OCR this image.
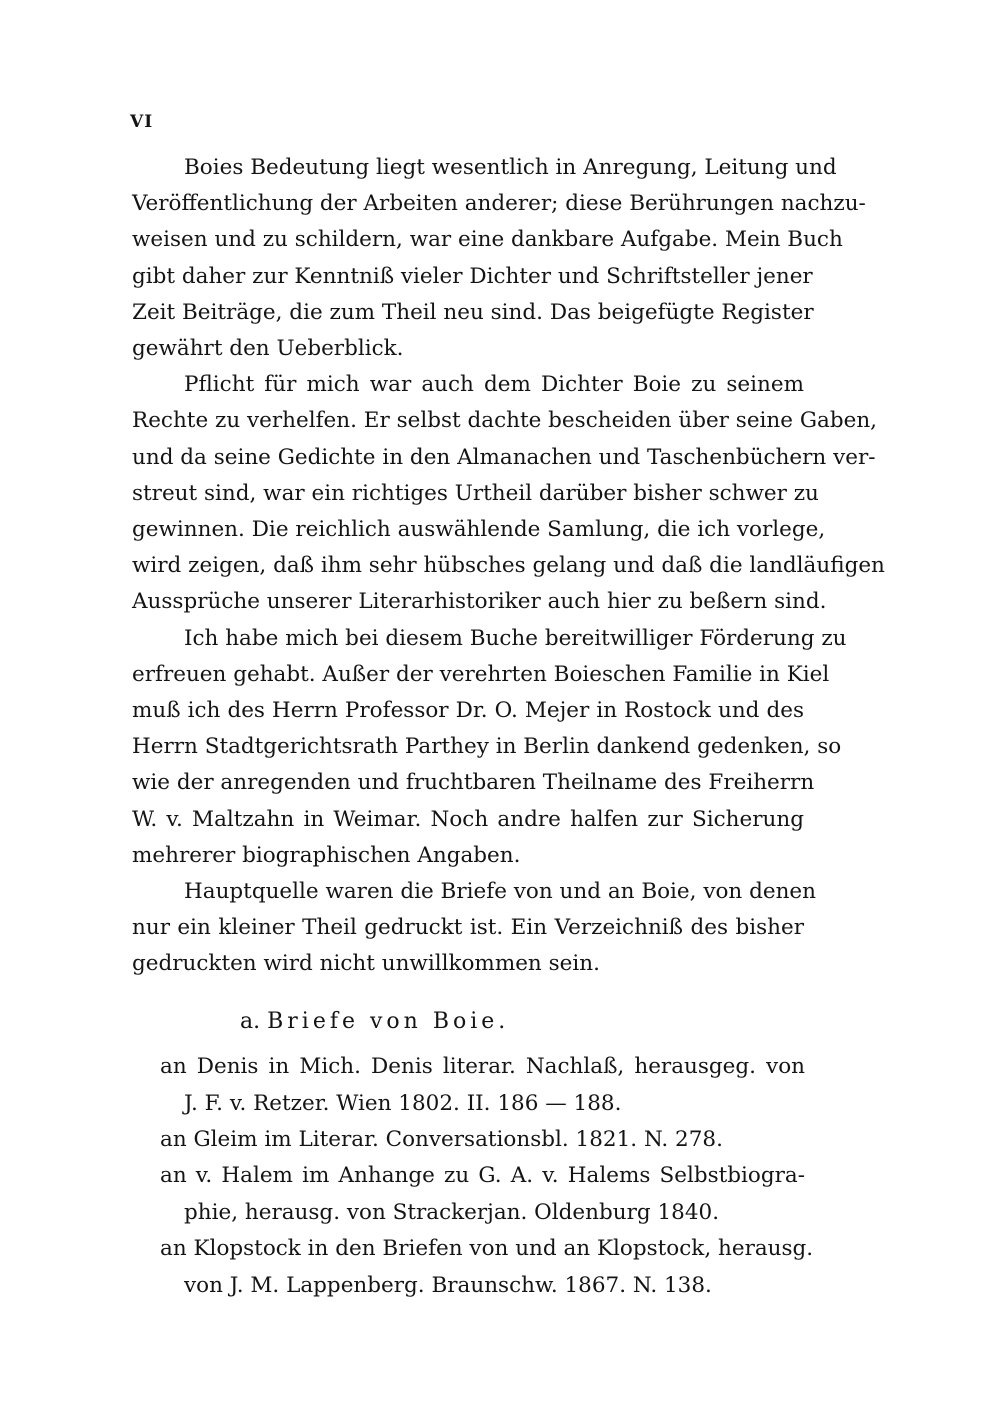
VI

Boies Bedeutung liegt wesentlich in Anregung, Leitung und
Veröffentlichung der Arbeiten anderer; diese Berührungen nachzu-
weisen und zu schildern, war eine dankbare Aufgabe. Mein Buch
gibt daher zur Kenntniß vieler Dichter und Schriftsteller jener
Zeit Beiträge, die zum Theil neu sind. Das beigefügte Register
gewährt den Ueberblick.

Pflicht für mich war auch dem Dichter Boie zu seinem
Rechte zu verhelfen. Er selbst dachte bescheiden über seine Gaben,
und da seine Gedichte in den Almanachen und Taschenbüchern ver-
streut sind, war ein richtiges Urtheil darüber bisher schwer zu
gewinnen. Die reichlich auswählende Samlung, die ich vorlege,
wird zeigen, daß ihm sehr hübsches gelang und daß die landläufigen
Aussprüche unserer Literarhistoriker auch hier zu beßern sind.

Ich habe mich bei diesem Buche bereitwilliger Förderung zu
erfreuen gehabt. Außer der verehrten Boieschen Familie in Kiel
muß ich des Herrn Professor Dr. O. Mejer in Rostock und des
Herrn Stadtgerichtsrath Parthey in Berlin dankend gedenken, so
wie der anregenden und fruchtbaren Theilname des Freiherrn
W. v. Maltzahn in Weimar. Noch andre halfen zur Sicherung
mehrerer biographischen Angaben.

Hauptquelle waren die Briefe von und an Boie, von denen
nur ein kleiner Theil gedruckt ist. Ein Verzeichniß des bisher
gedruckten wird nicht unwillkommen sein.

a. Briefe von Boie.
an Denis in Mich. Denis literar. Nachlaß, herausgeg. von
J. F. v. Retzer. Wien 1802. II. 186 — 188.
an Gleim im Literar. Conversationsbl. 1821. N. 278.
an v. Halem im Anhange zu G. A. v. Halems Selbstbiogra-
phie, herausg. von Strackerjan. Oldenburg 1840.
an Klopstock in den Briefen von und an Klopstock, herausg.
von J. M. Lappenberg. Braunschw. 1867. N. 138.
